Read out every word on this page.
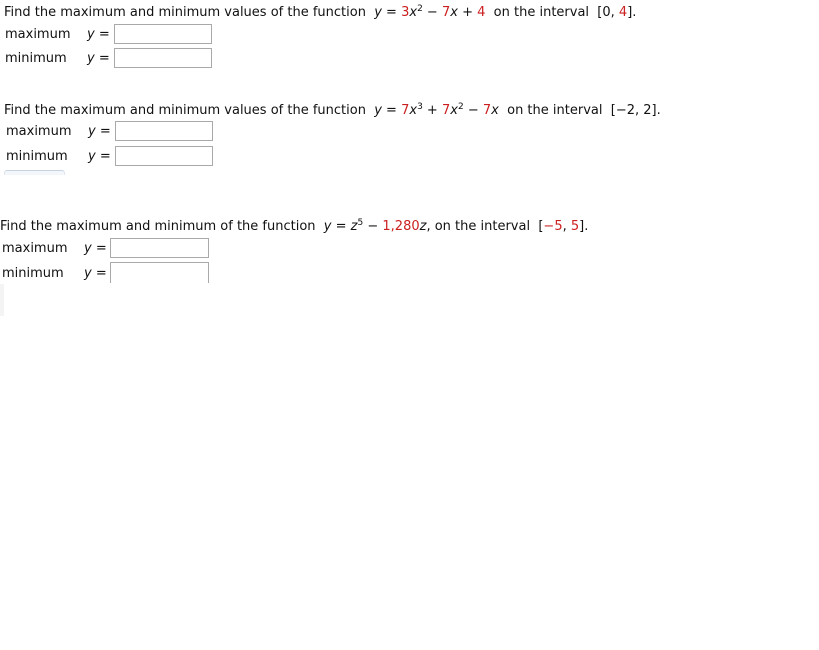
Find the maximum and minimum values of the function $y = 3x^2 - 7x + 4$ on the interval [0, 4].
maximum y =
minimum y =
Find the maximum and minimum values of the function $y = 7x^3 + 7x^2 - 7x$ on the interval [−2, 2].
maximum y =
minimum y =
Find the maximum and minimum of the function $y = z^5 - 1,280z$, on the interval [−5, 5].
maximum y =
minimum y =
